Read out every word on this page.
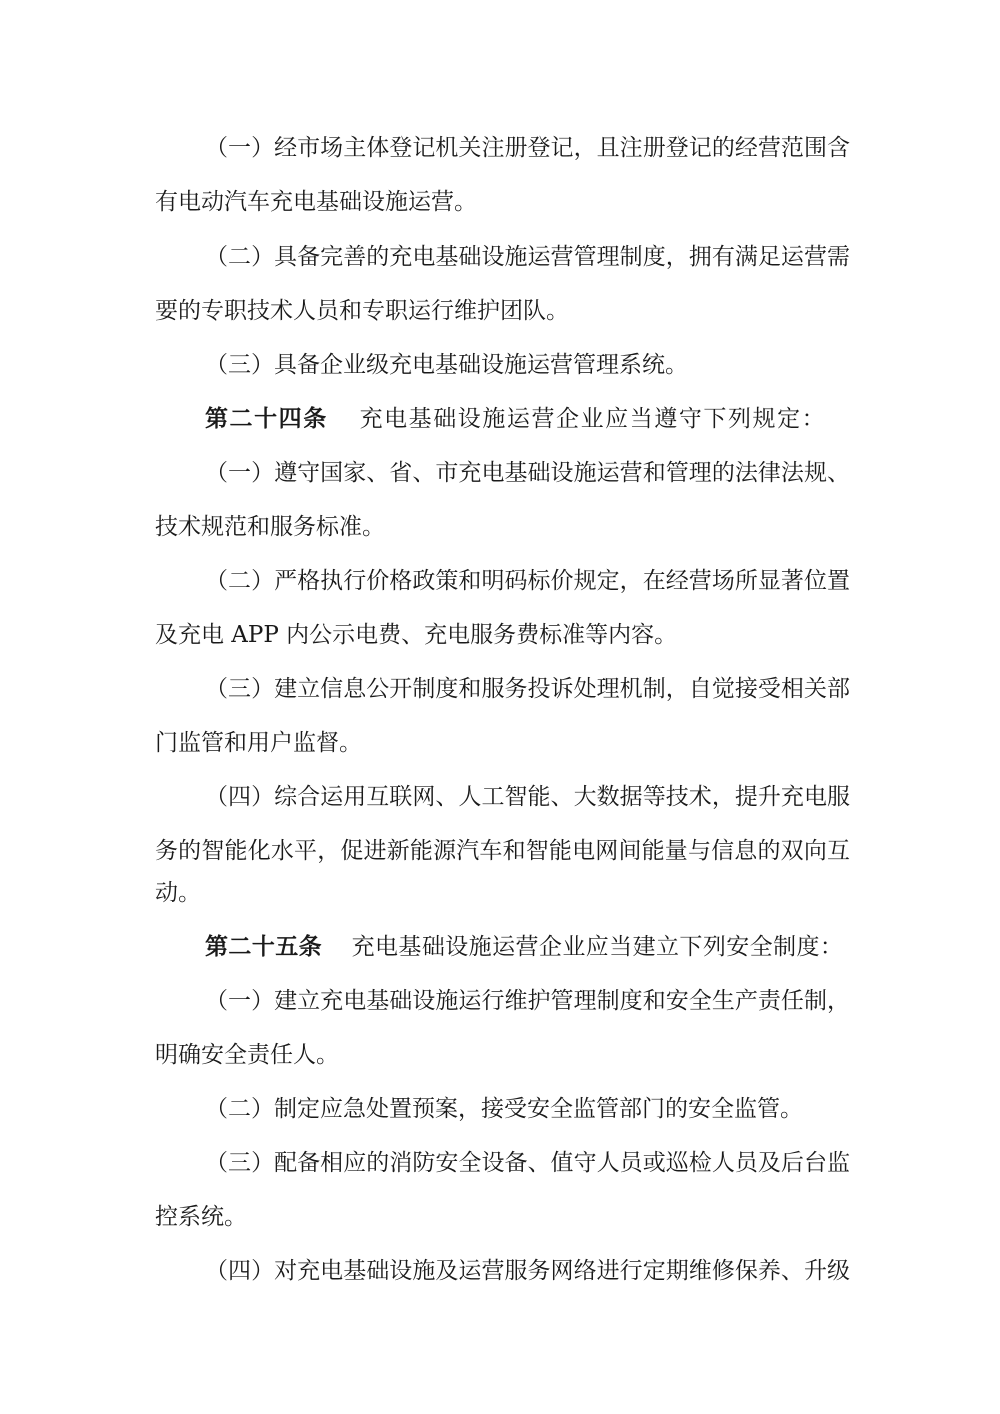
（一）经市场主体登记机关注册登记，且注册登记的经营范围含
有电动汽车充电基础设施运营。
（二）具备完善的充电基础设施运营管理制度，拥有满足运营需
要的专职技术人员和专职运行维护团队。
（三）具备企业级充电基础设施运营管理系统。
第二十四条 充电基础设施运营企业应当遵守下列规定：
（一）遵守国家、省、市充电基础设施运营和管理的法律法规、
技术规范和服务标准。
（二）严格执行价格政策和明码标价规定，在经营场所显著位置
及充电 APP 内公示电费、充电服务费标准等内容。
（三）建立信息公开制度和服务投诉处理机制，自觉接受相关部
门监管和用户监督。
（四）综合运用互联网、人工智能、大数据等技术，提升充电服
务的智能化水平，促进新能源汽车和智能电网间能量与信息的双向互
动。
第二十五条 充电基础设施运营企业应当建立下列安全制度：
（一）建立充电基础设施运行维护管理制度和安全生产责任制，
明确安全责任人。
（二）制定应急处置预案，接受安全监管部门的安全监管。
（三）配备相应的消防安全设备、值守人员或巡检人员及后台监
控系统。
（四）对充电基础设施及运营服务网络进行定期维修保养、升级
